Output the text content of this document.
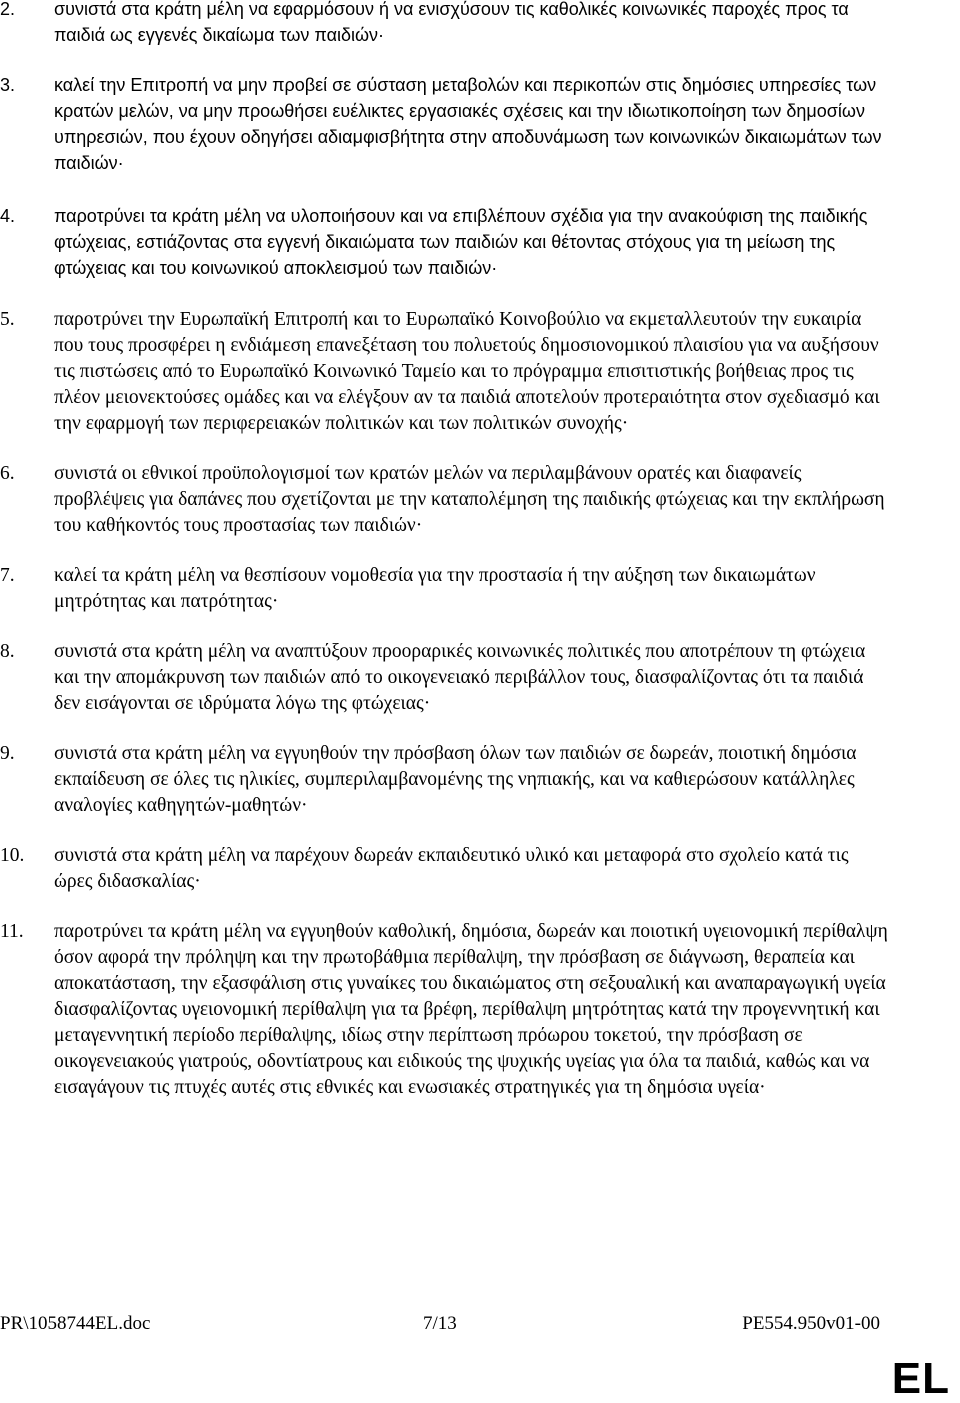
2. συνιστά στα κράτη μέλη να εφαρμόσουν ή να ενισχύσουν τις καθολικές κοινωνικές παροχές προς τα παιδιά ως εγγενές δικαίωμα των παιδιών·
3. καλεί την Επιτροπή να μην προβεί σε σύσταση μεταβολών και περικοπών στις δημόσιες υπηρεσίες των κρατών μελών, να μην προωθήσει ευέλικτες εργασιακές σχέσεις και την ιδιωτικοποίηση των δημοσίων υπηρεσιών, που έχουν οδηγήσει αδιαμφισβήτητα στην αποδυνάμωση των κοινωνικών δικαιωμάτων των παιδιών·
4. παροτρύνει τα κράτη μέλη να υλοποιήσουν και να επιβλέπουν σχέδια για την ανακούφιση της παιδικής φτώχειας, εστιάζοντας στα εγγενή δικαιώματα των παιδιών και θέτοντας στόχους για τη μείωση της φτώχειας και του κοινωνικού αποκλεισμού των παιδιών·
5. παροτρύνει την Ευρωπαϊκή Επιτροπή και το Ευρωπαϊκό Κοινοβούλιο να εκμεταλλευτούν την ευκαιρία που τους προσφέρει η ενδιάμεση επανεξέταση του πολυετούς δημοσιονομικού πλαισίου για να αυξήσουν τις πιστώσεις από το Ευρωπαϊκό Κοινωνικό Ταμείο και το πρόγραμμα επισιτιστικής βοήθειας προς τις πλέον μειονεκτούσες ομάδες και να ελέγξουν αν τα παιδιά αποτελούν προτεραιότητα στον σχεδιασμό και την εφαρμογή των περιφερειακών πολιτικών και των πολιτικών συνοχής·
6. συνιστά οι εθνικοί προϋπολογισμοί των κρατών μελών να περιλαμβάνουν ορατές και διαφανείς προβλέψεις για δαπάνες που σχετίζονται με την καταπολέμηση της παιδικής φτώχειας και την εκπλήρωση του καθήκοντός τους προστασίας των παιδιών·
7. καλεί τα κράτη μέλη να θεσπίσουν νομοθεσία για την προστασία ή την αύξηση των δικαιωμάτων μητρότητας και πατρότητας·
8. συνιστά στα κράτη μέλη να αναπτύξουν προοραρικές κοινωνικές πολιτικές που αποτρέπουν τη φτώχεια και την απομάκρυνση των παιδιών από το οικογενειακό περιβάλλον τους, διασφαλίζοντας ότι τα παιδιά δεν εισάγονται σε ιδρύματα λόγω της φτώχειας·
9. συνιστά στα κράτη μέλη να εγγυηθούν την πρόσβαση όλων των παιδιών σε δωρεάν, ποιοτική δημόσια εκπαίδευση σε όλες τις ηλικίες, συμπεριλαμβανομένης της νηπιακής, και να καθιερώσουν κατάλληλες αναλογίες καθηγητών-μαθητών·
10. συνιστά στα κράτη μέλη να παρέχουν δωρεάν εκπαιδευτικό υλικό και μεταφορά στο σχολείο κατά τις ώρες διδασκαλίας·
11. παροτρύνει τα κράτη μέλη να εγγυηθούν καθολική, δημόσια, δωρεάν και ποιοτική υγειονομική περίθαλψη όσον αφορά την πρόληψη και την πρωτοβάθμια περίθαλψη, την πρόσβαση σε διάγνωση, θεραπεία και αποκατάσταση, την εξασφάλιση στις γυναίκες του δικαιώματος στη σεξουαλική και αναπαραγωγική υγεία διασφαλίζοντας υγειονομική περίθαλψη για τα βρέφη, περίθαλψη μητρότητας κατά την προγεννητική και μεταγεννητική περίοδο περίθαλψης, ιδίως στην περίπτωση πρόωρου τοκετού, την πρόσβαση σε οικογενειακούς γιατρούς, οδοντίατρους και ειδικούς της ψυχικής υγείας για όλα τα παιδιά, καθώς και να εισαγάγουν τις πτυχές αυτές στις εθνικές και ενωσιακές στρατηγικές για τη δημόσια υγεία·
PR\1058744EL.doc	7/13	PE554.950v01-00
EL
